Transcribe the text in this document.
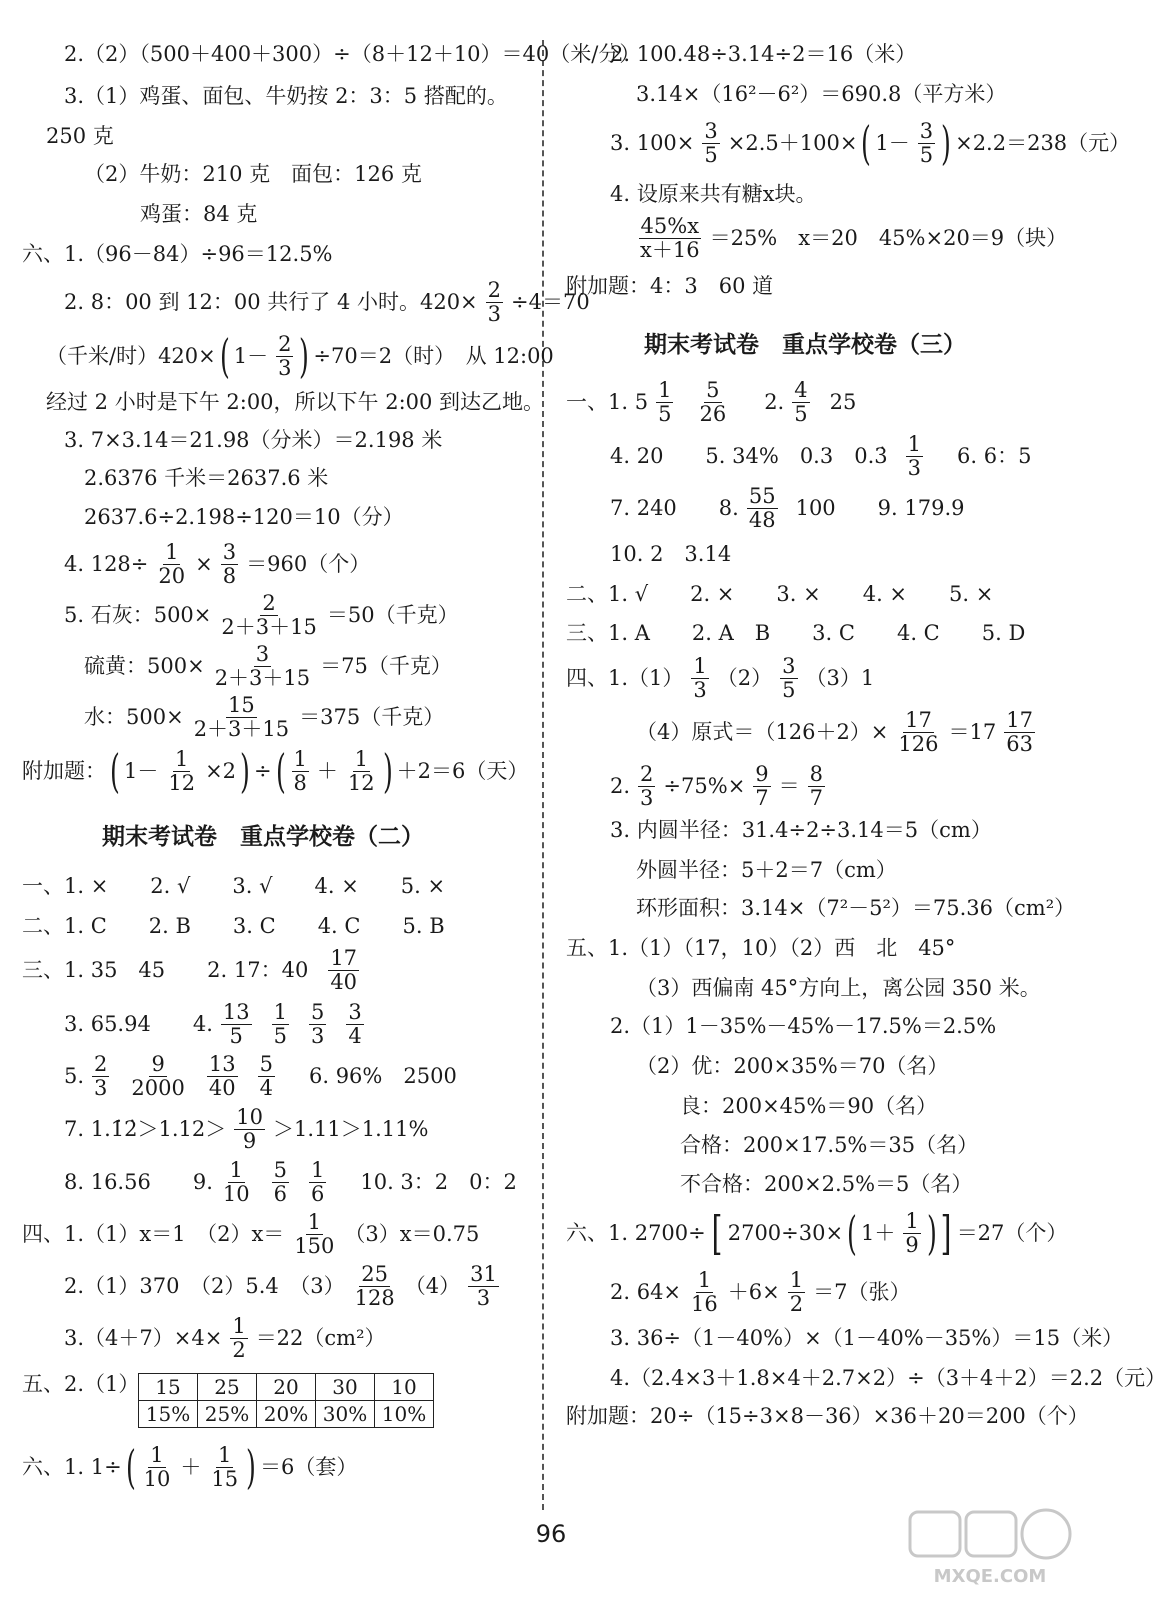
2.（2）（500＋400＋300）÷（8＋12＋10）＝40（米/分）
3.（1）鸡蛋、面包、牛奶按 2：3：5 搭配的。
250 克
（2）牛奶：210 克　面包：126 克
鸡蛋：84 克
六、1.（96－84）÷96＝12.5%
2. 8：00 到 12：00 共行了 4 小时。$420\times \frac{2}{3} \div 4=70$
（千米/时）420× ( $1- \frac{2}{3}$ ) ÷70＝2（时）　从 12:00
经过 2 小时是下午 2:00，所以下午 2:00 到达乙地。
3. 7×3.14＝21.98（分米）＝2.198 米
2.6376 千米＝2637.6 米
2637.6÷2.198÷120＝10（分）
4. $128\div \frac{1}{20} \times \frac{3}{8} =960$（个）
5. 石灰：$500\times \frac{2}{2+3+15} =50$（千克）
硫黄：$500\times \frac{3}{2+3+15} =75$（千克）
水：$500\times \frac{15}{2+3+15} =375$（千克）
附加题： ( $1- \frac{1}{12} \times 2$ ) ÷ ( $\frac{1}{8} + \frac{1}{12}$ ) ＋2＝6（天）
期末考试卷　重点学校卷（二）
一、1. ×　　2. √　　3. √　　4. ×　　5. ×
二、1. C　　2. B　　3. C　　4. C　　5. B
三、1. 35　45　　2. 17：$40 \frac{17}{40}$
3. 65.94　　4. $\frac{13}{5} \frac{1}{5} \frac{5}{3} \frac{3}{4}$
5. $\frac{2}{3} \frac{9}{2000} \frac{13}{40} \frac{5}{4} 6$. 96%　2500
7. 1.1̇2̇＞1.12＞ $\frac{10}{9} >1.11>1.11\%$
8. 16.56　　9. $\frac{1}{10} \frac{5}{6} \frac{1}{6} 10$. 3：2　0：2
四、1.（1）x＝1　$(2)x= \frac{1}{150} (3)x=0.75$
2.（1）370　（2）5.4　$(3) \frac{25}{128} (4) \frac{31}{3}$
$3.(4+7)\times 4\times \frac{1}{2} =22(cm^2)$
五、2.（1） 15	25	20	30	10
15%	25%	20%	30%	10%
六、1. 1÷ ( $\frac{1}{10} + \frac{1}{15}$ ) ＝6（套）
2. 100.48÷3.14÷2＝16（米）
3.14×（16²－6²）＝690.8（平方米）
3. $100\times \frac{3}{5} \times 2.5+100\times$ ( $1- \frac{3}{5}$ ) ×2.2＝238（元）
4. 设原来共有糖x块。
$\frac{45\%x}{x+16} =25\%$　x＝20　45%×20＝9（块）
附加题：4：3　60 道
期末考试卷　重点学校卷（三）
一、1. $5 \frac{1}{5} \frac{5}{26} 2$. $\frac{4}{5} 25$
4. 20　　5. 34%　0.3　0.3̇ $\frac{1}{3} 6$. 6：5
7. 240　　8. $\frac{55}{48} 100$　　9. 179.9
10. 2　3.14
二、1. √　　2. ×　　3. ×　　4. ×　　5. ×
三、1. A　　2. A　B　　3. C　　4. C　　5. D
四、$1.(1) \frac{1}{3} (2) \frac{3}{5} (3)1$
（4）原式$=(126+2)\times \frac{17}{126} =17 \frac{17}{63}$
2. $\frac{2}{3} \div 75\%\times \frac{9}{7} = \frac{8}{7}$
3. 内圆半径：31.4÷2÷3.14＝5（cm）
外圆半径：5＋2＝7（cm）
环形面积：3.14×（7²－5²）＝75.36（cm²）
五、1.（1）（17，10）（2）西　北　45°
（3）西偏南 45°方向上，离公园 350 米。
2.（1）1－35%－45%－17.5%＝2.5%
（2）优：200×35%＝70（名）
良：200×45%＝90（名）
合格：200×17.5%＝35（名）
不合格：200×2.5%＝5（名）
六、1. 2700÷ [ 2700÷30× ( $1+ \frac{1}{9}$ ) ] ＝27（个）
2. $64\times \frac{1}{16} +6\times \frac{1}{2} =7$（张）
3. 36÷（1－40%）×（1－40%－35%）＝15（米）
4.（2.4×3＋1.8×4＋2.7×2）÷（3＋4＋2）＝2.2（元）
附加题：20÷（15÷3×8－36）×36＋20＝200（个）
96
MXQE.COM
